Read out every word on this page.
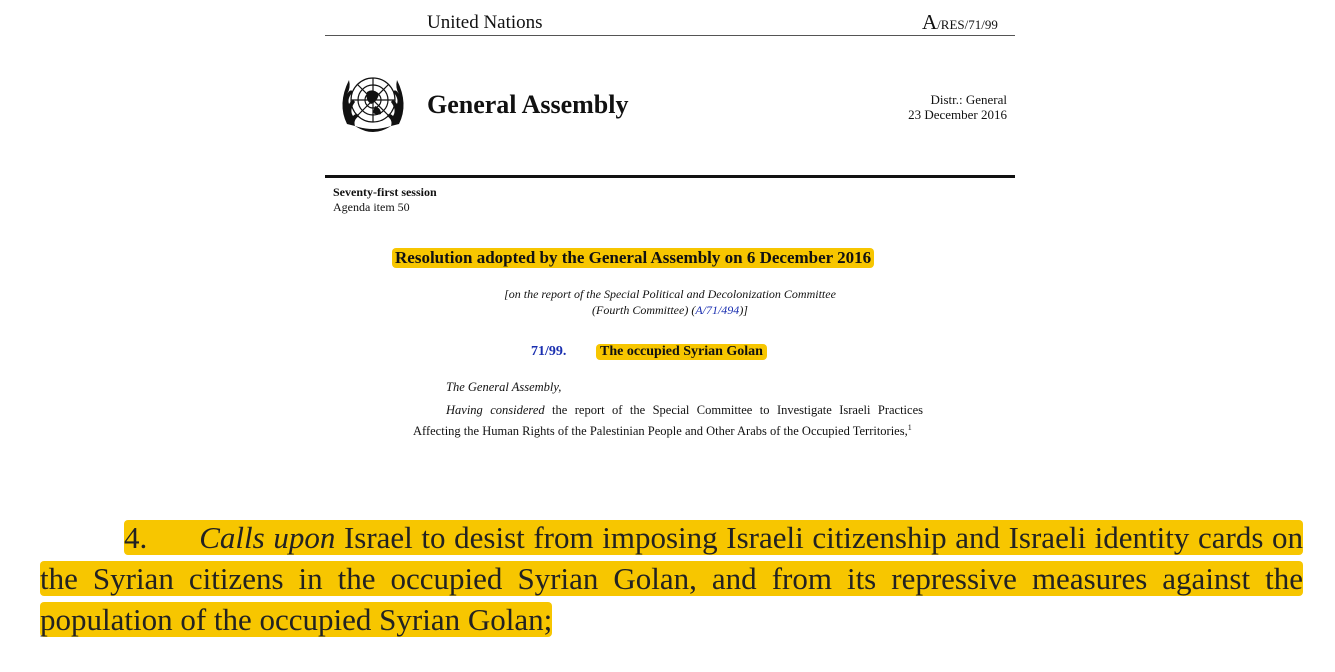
United Nations	A/RES/71/99
General Assembly	Distr.: General
23 December 2016
Seventy-first session
Agenda item 50
Resolution adopted by the General Assembly on 6 December 2016
[on the report of the Special Political and Decolonization Committee
(Fourth Committee) (A/71/494)]
71/99. The occupied Syrian Golan
The General Assembly,
Having considered the report of the Special Committee to Investigate Israeli Practices Affecting the Human Rights of the Palestinian People and Other Arabs of the Occupied Territories,$^1$
4. Calls upon Israel to desist from imposing Israeli citizenship and Israeli identity cards on the Syrian citizens in the occupied Syrian Golan, and from its repressive measures against the population of the occupied Syrian Golan;
